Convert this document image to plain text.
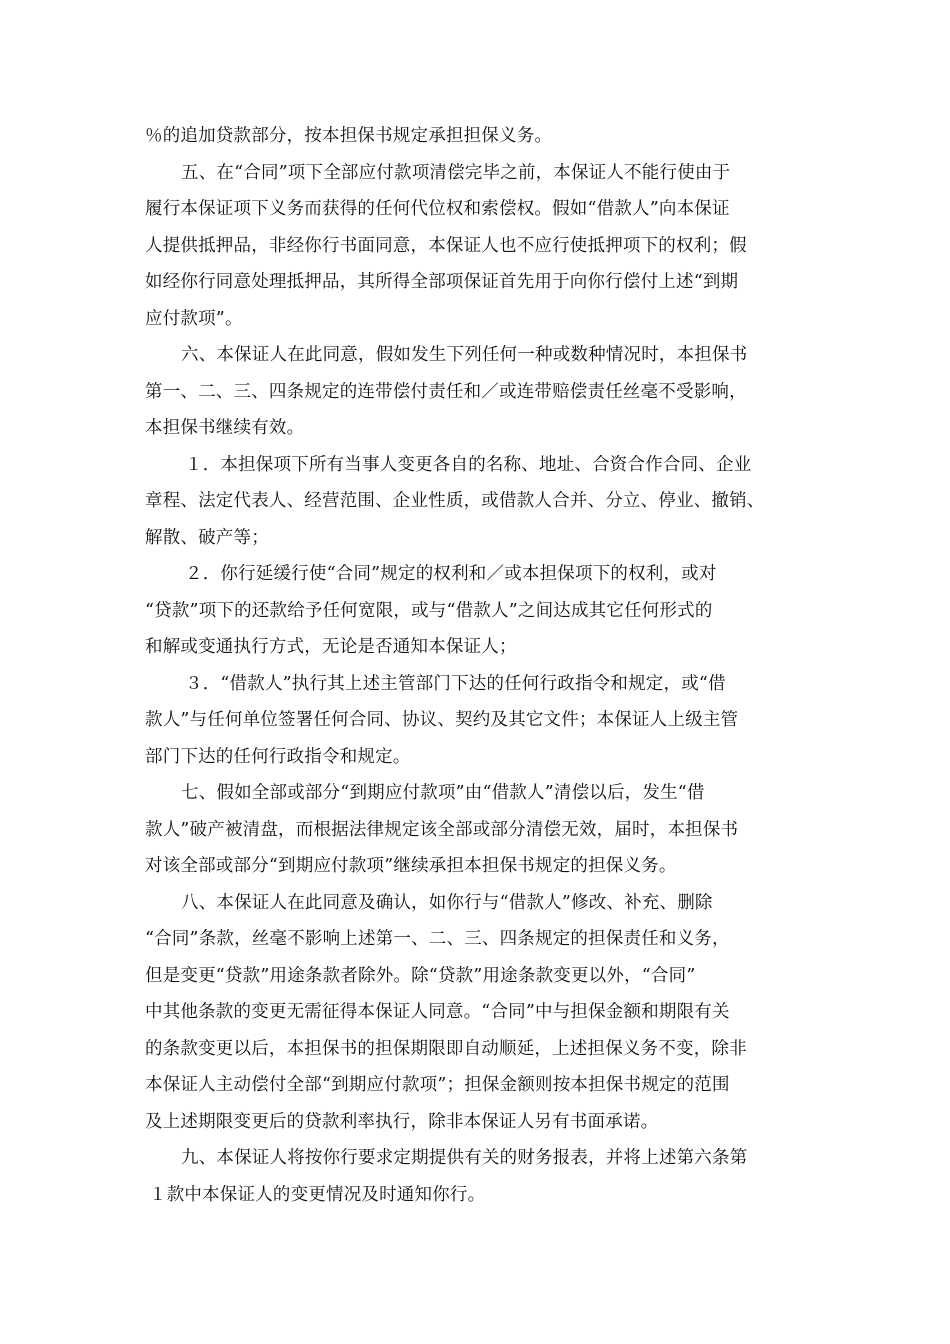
％的追加贷款部分，按本担保书规定承担担保义务。
五、在“合同”项下全部应付款项清偿完毕之前，本保证人不能行使由于
履行本保证项下义务而获得的任何代位权和索偿权。假如“借款人”向本保证
人提供抵押品，非经你行书面同意，本保证人也不应行使抵押项下的权利；假
如经你行同意处理抵押品，其所得全部项保证首先用于向你行偿付上述“到期
应付款项”。
六、本保证人在此同意，假如发生下列任何一种或数种情况时，本担保书
第一、二、三、四条规定的连带偿付责任和／或连带赔偿责任丝毫不受影响，
本担保书继续有效。
１．本担保项下所有当事人变更各自的名称、地址、合资合作合同、企业
章程、法定代表人、经营范围、企业性质，或借款人合并、分立、停业、撤销、
解散、破产等；
２．你行延缓行使“合同”规定的权利和／或本担保项下的权利，或对
“贷款”项下的还款给予任何宽限，或与“借款人”之间达成其它任何形式的
和解或变通执行方式，无论是否通知本保证人；
３．“借款人”执行其上述主管部门下达的任何行政指令和规定，或“借
款人”与任何单位签署任何合同、协议、契约及其它文件；本保证人上级主管
部门下达的任何行政指令和规定。
七、假如全部或部分“到期应付款项”由“借款人”清偿以后，发生“借
款人”破产被清盘，而根据法律规定该全部或部分清偿无效，届时，本担保书
对该全部或部分“到期应付款项”继续承担本担保书规定的担保义务。
八、本保证人在此同意及确认，如你行与“借款人”修改、补充、删除
“合同”条款，丝毫不影响上述第一、二、三、四条规定的担保责任和义务，
但是变更“贷款”用途条款者除外。除“贷款”用途条款变更以外，“合同”
中其他条款的变更无需征得本保证人同意。“合同”中与担保金额和期限有关
的条款变更以后，本担保书的担保期限即自动顺延，上述担保义务不变，除非
本保证人主动偿付全部“到期应付款项”；担保金额则按本担保书规定的范围
及上述期限变更后的贷款利率执行，除非本保证人另有书面承诺。
九、本保证人将按你行要求定期提供有关的财务报表，并将上述第六条第
１款中本保证人的变更情况及时通知你行。
